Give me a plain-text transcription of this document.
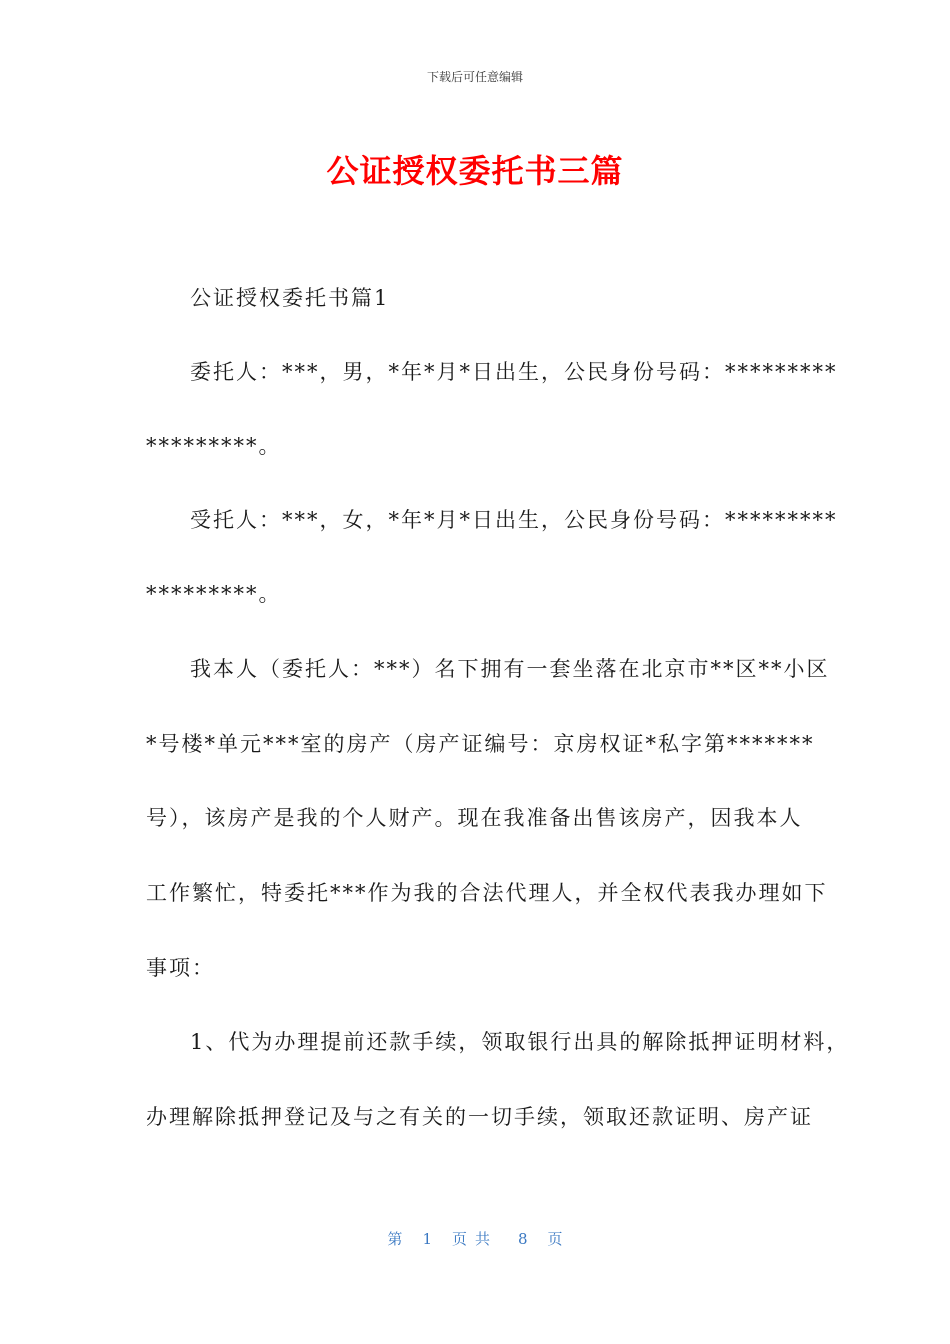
下载后可任意编辑
公证授权委托书三篇
公证授权委托书篇1
委托人：***，男，*年*月*日出生，公民身份号码：*********
*********。
受托人：***，女，*年*月*日出生，公民身份号码：*********
*********。
我本人（委托人：***）名下拥有一套坐落在北京市**区**小区
*号楼*单元***室的房产（房产证编号：京房权证*私字第*******
号），该房产是我的个人财产。现在我准备出售该房产，因我本人
工作繁忙，特委托***作为我的合法代理人，并全权代表我办理如下
事项：
1、代为办理提前还款手续，领取银行出具的解除抵押证明材料，
办理解除抵押登记及与之有关的一切手续，领取还款证明、房产证
第 1 页共 8 页
